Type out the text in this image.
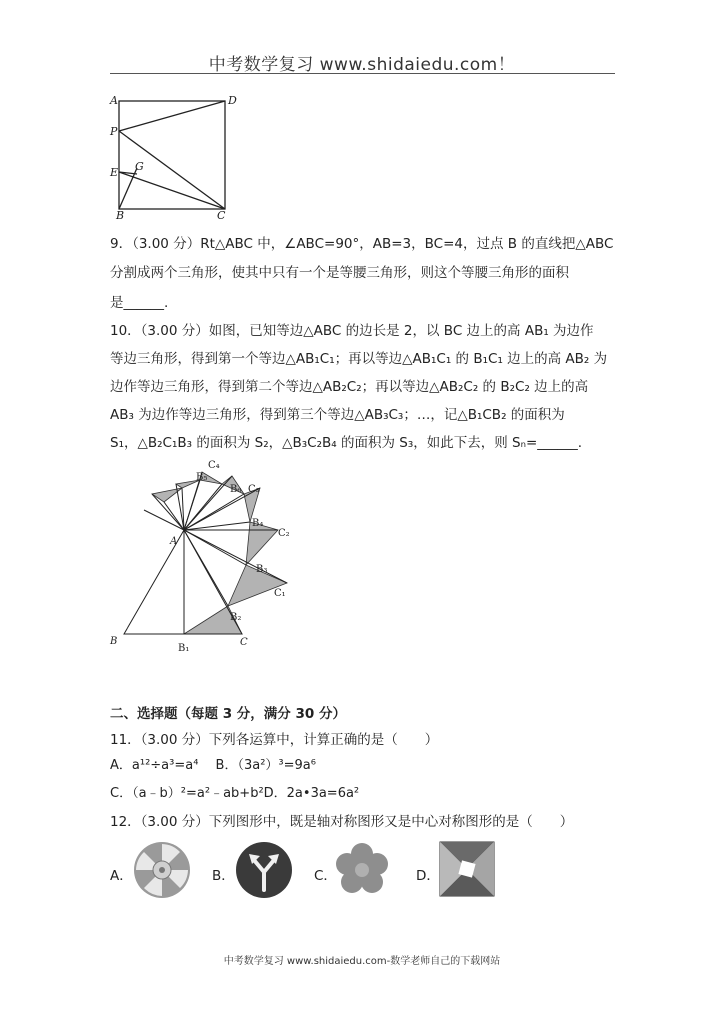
中考数学复习 www.shidaiedu.com！
A	D
P
E G
B	C
9．（3.00 分）Rt△ABC 中，∠ABC=90°，AB=3，BC=4，过点 B 的直线把△ABC
分割成两个三角形，使其中只有一个是等腰三角形，则这个等腰三角形的面积
是______.
10．（3.00 分）如图，已知等边△ABC 的边长是 2，以 BC 边上的高 AB₁ 为边作
等边三角形，得到第一个等边△AB₁C₁；再以等边△AB₁C₁ 的 B₁C₁ 边上的高 AB₂ 为
边作等边三角形，得到第二个等边△AB₂C₂；再以等边△AB₂C₂ 的 B₂C₂ 边上的高
AB₃ 为边作等边三角形，得到第三个等边△AB₃C₃；…，记△B₁CB₂ 的面积为
S₁，△B₂C₁B₃ 的面积为 S₂，△B₃C₂B₄ 的面积为 S₃，如此下去，则 Sₙ=______.
A
B
B₁
C
B₂
C₁
B₃
B₄
C₂
C₃
B₆
C₄
B₅
二、选择题（每题 3 分，满分 30 分）
11．（3.00 分）下列各运算中，计算正确的是（　　）
A．a¹²÷a³=a⁴　 B．（3a²）³=9a⁶
C．（a﹣b）²=a²﹣ab+b²D．2a•3a=6a²
12．（3.00 分）下列图形中，既是轴对称图形又是中心对称图形的是（　　）
A．	B．	C．	D．
中考数学复习 www.shidaiedu.com-数学老师自己的下载网站
